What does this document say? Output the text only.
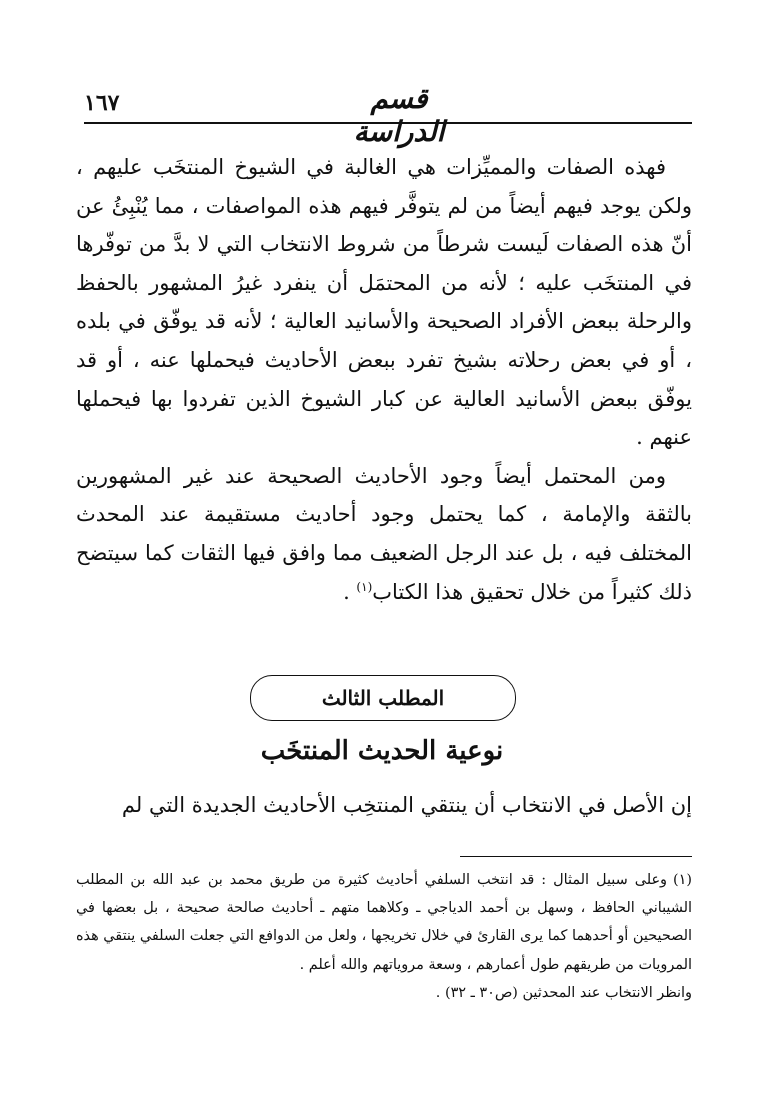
١٦٧	قسم الدراسة

فهذه الصفات والمميِّزات هي الغالبة في الشيوخ المنتخَب عليهم ، ولكن يوجد فيهم أيضاً من لم يتوفَّر فيهم هذه المواصفات ، مما يُنْبِئُ عن أنّ هذه الصفات لَيست شرطاً من شروط الانتخاب التي لا بدَّ من توفّرها في المنتخَب عليه ؛ لأنه من المحتمَل أن ينفرد غيرُ المشهور بالحفظ والرحلة ببعض الأفراد الصحيحة والأسانيد العالية ؛ لأنه قد يوفّق في بلده ، أو في بعض رحلاته بشيخ تفرد ببعض الأحاديث فيحملها عنه ، أو قد يوفّق ببعض الأسانيد العالية عن كبار الشيوخ الذين تفردوا بها فيحملها عنهم .

ومن المحتمل أيضاً وجود الأحاديث الصحيحة عند غير المشهورين بالثقة والإمامة ، كما يحتمل وجود أحاديث مستقيمة عند المحدث المختلف فيه ، بل عند الرجل الضعيف مما وافق فيها الثقات كما سيتضح ذلك كثيراً من خلال تحقيق هذا الكتاب$^{(١)}$ .

المطلب الثالث
نوعية الحديث المنتخَب
إن الأصل في الانتخاب أن ينتقي المنتخِب الأحاديث الجديدة التي لم

(١)وعلى سبيل المثال : قد انتخب السلفي أحاديث كثيرة من طريق محمد بن عبد الله بن المطلب الشيباني الحافظ ، وسهل بن أحمد الدياجي ـ وكلاهما متهم ـ أحاديث صالحة صحيحة ، بل بعضها في الصحيحين أو أحدهما كما يرى القارئ في خلال تخريجها ، ولعل من الدوافع التي جعلت السلفي ينتقي هذه المرويات من طريقهم طول أعمارهم ، وسعة مروياتهم والله أعلم .

وانظر الانتخاب عند المحدثين (ص٣٠ ـ ٣٢) .
